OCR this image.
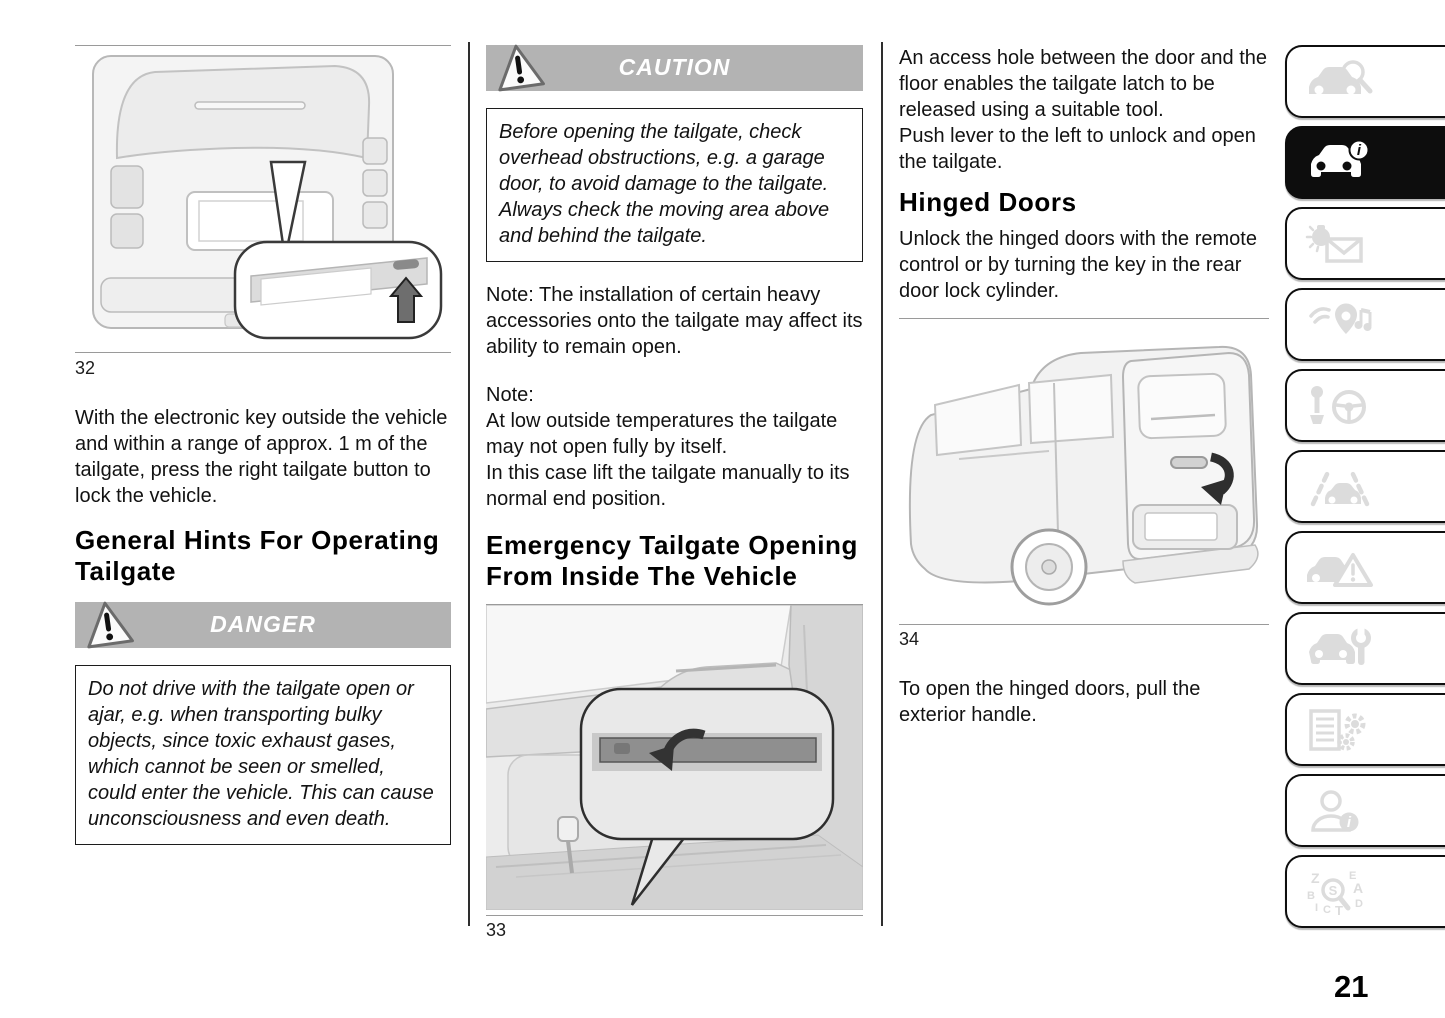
32
With the electronic key outside the vehicle and within a range of approx. 1 m of the tailgate, press the right tailgate button to lock the vehicle.
General Hints For Operating Tailgate
DANGER
Do not drive with the tailgate open or ajar, e.g. when transporting bulky objects, since toxic exhaust gases, which cannot be seen or smelled, could enter the vehicle. This can cause unconsciousness and even death.
CAUTION
Before opening the tailgate, check overhead obstructions, e.g. a garage door, to avoid damage to the tailgate. Always check the moving area above and behind the tailgate.
Note: The installation of certain heavy accessories onto the tailgate may affect its ability to remain open.
Note:
At low outside temperatures the tailgate may not open fully by itself.
In this case lift the tailgate manually to its normal end position.
Emergency Tailgate Opening From Inside The Vehicle
33
An access hole between the door and the floor enables the tailgate latch to be released using a suitable tool.
Push lever to the left to unlock and open the tailgate.
Hinged Doors
Unlock the hinged doors with the remote control or by turning the key in the rear door lock cylinder.
34
To open the hinged doors, pull the exterior handle.
i
i
Z	E
B	A
D
I C T
S
21
